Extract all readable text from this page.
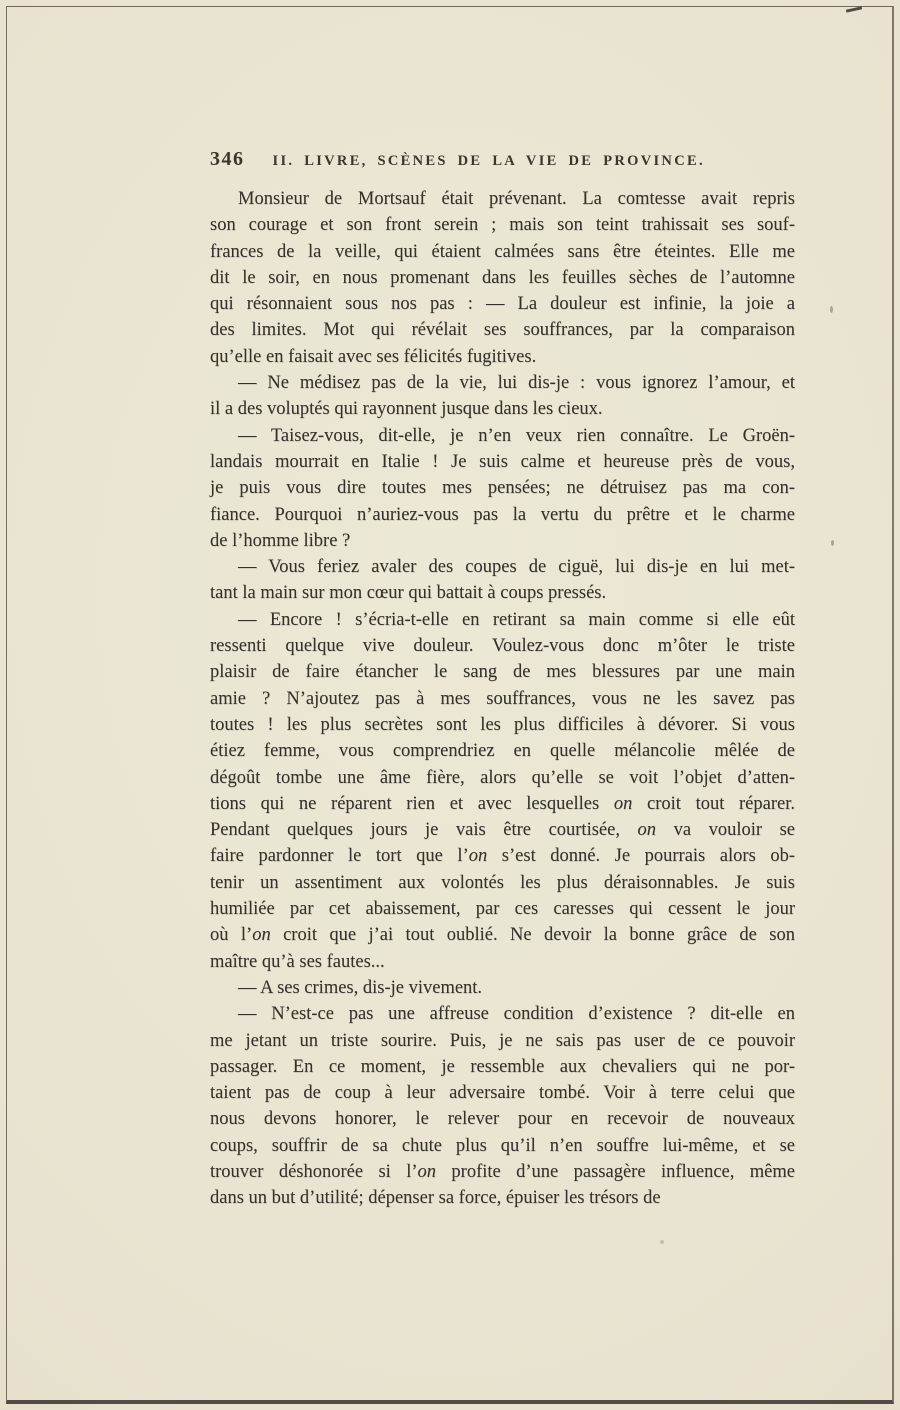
346 II. LIVRE, SCÈNES DE LA VIE DE PROVINCE.
Monsieur de Mortsauf était prévenant. La comtesse avait repris
son courage et son front serein ; mais son teint trahissait ses souf-
frances de la veille, qui étaient calmées sans être éteintes. Elle me
dit le soir, en nous promenant dans les feuilles sèches de l’automne
qui résonnaient sous nos pas : — La douleur est infinie, la joie a
des limites. Mot qui révélait ses souffrances, par la comparaison
qu’elle en faisait avec ses félicités fugitives.
— Ne médisez pas de la vie, lui dis-je : vous ignorez l’amour, et
il a des voluptés qui rayonnent jusque dans les cieux.
— Taisez-vous, dit-elle, je n’en veux rien connaître. Le Groën-
landais mourrait en Italie ! Je suis calme et heureuse près de vous,
je puis vous dire toutes mes pensées; ne détruisez pas ma con-
fiance. Pourquoi n’auriez-vous pas la vertu du prêtre et le charme
de l’homme libre ?
— Vous feriez avaler des coupes de ciguë, lui dis-je en lui met-
tant la main sur mon cœur qui battait à coups pressés.
— Encore ! s’écria-t-elle en retirant sa main comme si elle eût
ressenti quelque vive douleur. Voulez-vous donc m’ôter le triste
plaisir de faire étancher le sang de mes blessures par une main
amie ? N’ajoutez pas à mes souffrances, vous ne les savez pas
toutes ! les plus secrètes sont les plus difficiles à dévorer. Si vous
étiez femme, vous comprendriez en quelle mélancolie mêlée de
dégoût tombe une âme fière, alors qu’elle se voit l’objet d’atten-
tions qui ne réparent rien et avec lesquelles on croit tout réparer.
Pendant quelques jours je vais être courtisée, on va vouloir se
faire pardonner le tort que l’on s’est donné. Je pourrais alors ob-
tenir un assentiment aux volontés les plus déraisonnables. Je suis
humiliée par cet abaissement, par ces caresses qui cessent le jour
où l’on croit que j’ai tout oublié. Ne devoir la bonne grâce de son
maître qu’à ses fautes...
— A ses crimes, dis-je vivement.
— N’est-ce pas une affreuse condition d’existence ? dit-elle en
me jetant un triste sourire. Puis, je ne sais pas user de ce pouvoir
passager. En ce moment, je ressemble aux chevaliers qui ne por-
taient pas de coup à leur adversaire tombé. Voir à terre celui que
nous devons honorer, le relever pour en recevoir de nouveaux
coups, souffrir de sa chute plus qu’il n’en souffre lui-même, et se
trouver déshonorée si l’on profite d’une passagère influence, même
dans un but d’utilité; dépenser sa force, épuiser les trésors de
